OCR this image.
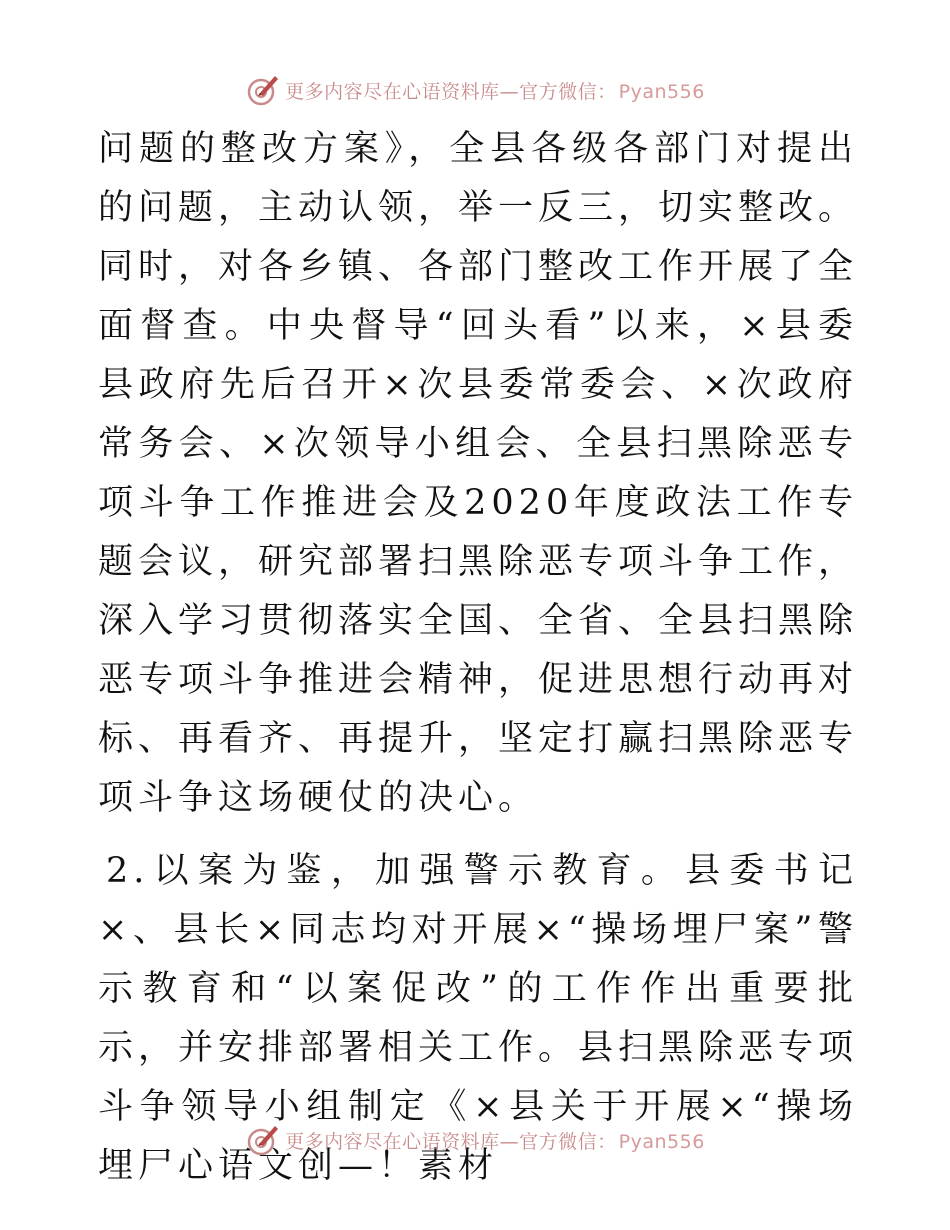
更多内容尽在心语资料库—官方微信： Pyan556

问题的整改方案》，全县各级各部门对提出的问题，主动认领，举一反三，切实整改。同时，对各乡镇、各部门整改工作开展了全面督查。中央督导“回头看”以来，×县委县政府先后召开×次县委常委会、×次政府常务会、×次领导小组会、全县扫黑除恶专项斗争工作推进会及2020年度政法工作专题会议，研究部署扫黑除恶专项斗争工作，深入学习贯彻落实全国、全省、全县扫黑除恶专项斗争推进会精神，促进思想行动再对标、再看齐、再提升，坚定打赢扫黑除恶专项斗争这场硬仗的决心。

2.以案为鉴，加强警示教育。县委书记×、县长×同志均对开展×“操场埋尸案”警示教育和“以案促改”的工作作出重要批示，并安排部署相关工作。县扫黑除恶专项斗争领导小组制定《×县关于开展×“操场埋尸心语文创—！素材

更多内容尽在心语资料库—官方微信： Pyan556
